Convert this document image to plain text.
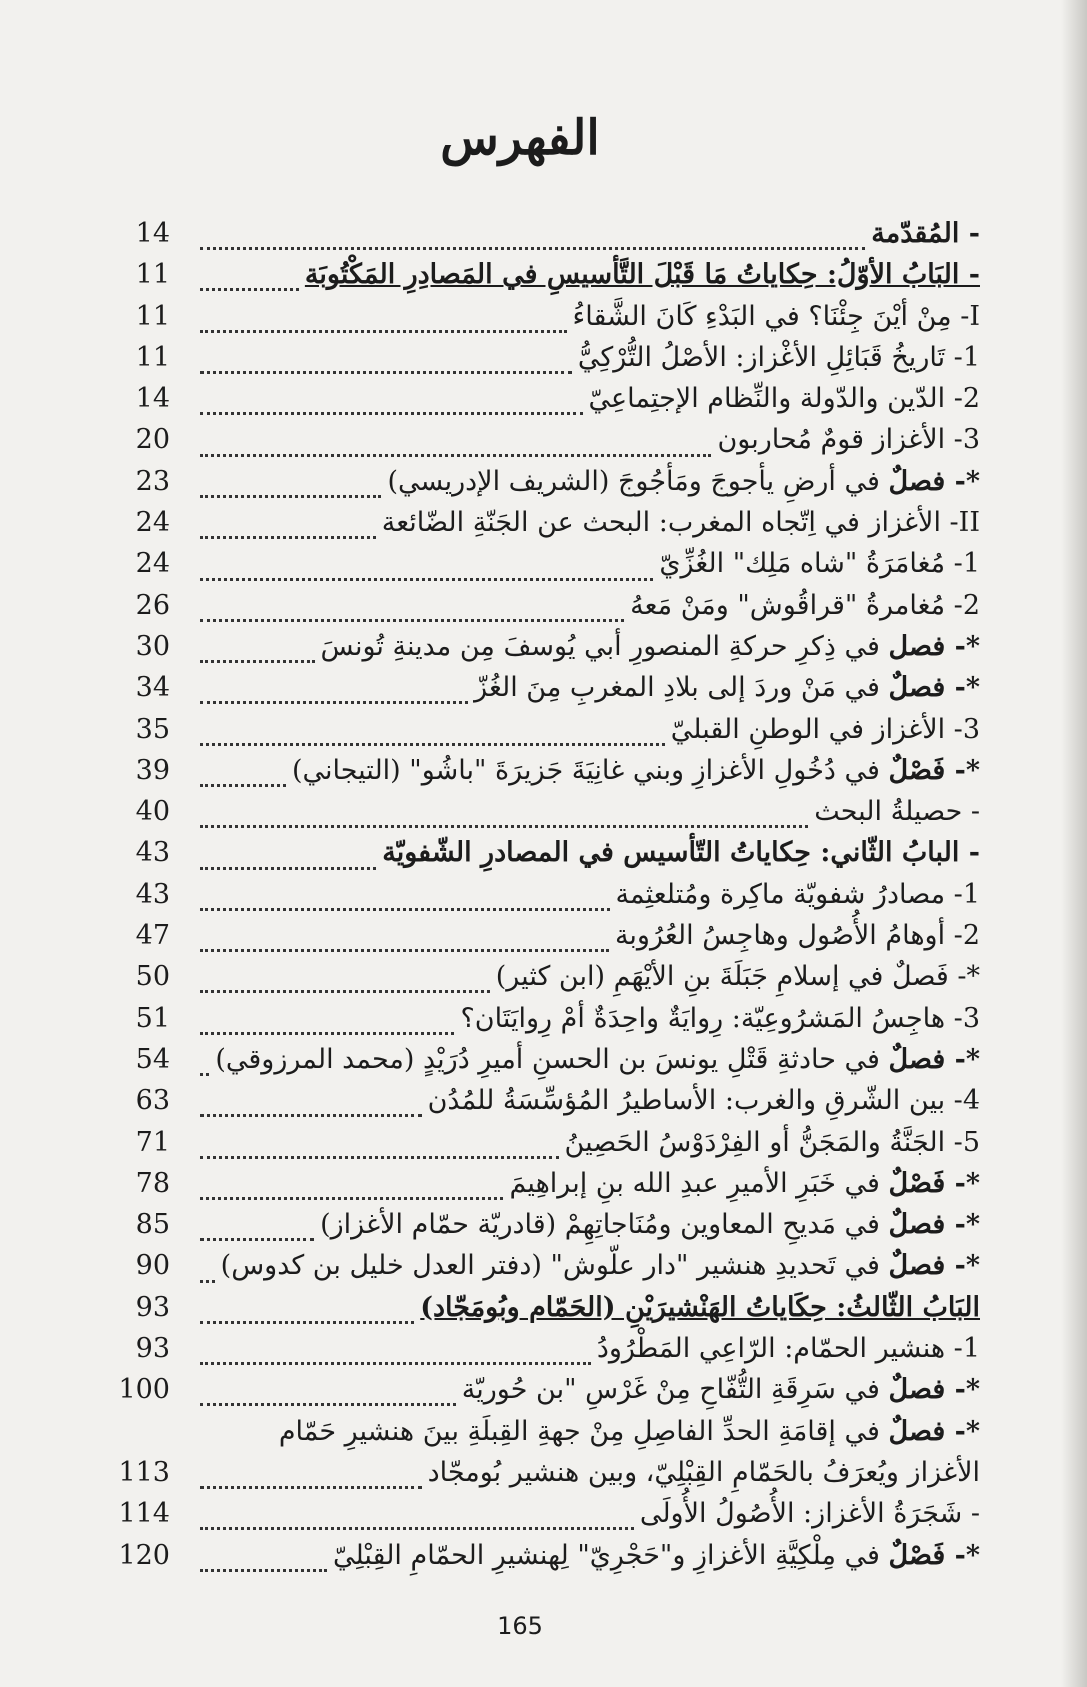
الفهرس
14	- المُقدّمة
11	- البَابُ الأوّلُ: حِكاياتُ مَا قَبْلَ التَّأسيسِ في المَصادِرِ المَكْتُوبَة
11	I- مِنْ أيْنَ جِئْنَا؟ في البَدْءِ كَانَ الشَّقاءُ
11	1- تَاريخُ قَبَائِلِ الأغْزاز: الأصْلُ التُّرْكِيُّ
14	2- الدّين والدّولة والنِّظام الإجتِماعِيّ
20	3- الأغزاز قومٌ مُحاربون
23	*- فصلٌ في أرضِ يأجوجَ ومَأجُوجَ (الشريف الإدريسي)
24	II- الأغزاز في اِتّجاه المغرب: البحث عن الجَنّةِ الضّائعة
24	1- مُغامَرَةُ "شاه مَلِك" الغُزِّيّ
26	2- مُغامرةُ "قراقُوش" ومَنْ مَعهُ
30	*- فصل في ذِكرِ حركةِ المنصورِ أبي يُوسفَ مِن مدينةِ تُونسَ
34	*- فصلٌ في مَنْ وردَ إلى بلادِ المغربِ مِنَ الغُزّ
35	3- الأغزاز في الوطنِ القبليّ
39	*- فَصْلٌ في دُخُولِ الأغزازِ وبني غانِيَةَ جَزيرَةَ "باشُو" (التيجاني)
40	- حصيلةُ البحث
43	- البابُ الثّاني: حِكاياتُ التّأسيس في المصادرِ الشّفويّة
43	1- مصادرُ شفويّة ماكِرة ومُتلعثِمة
47	2- أوهامُ الأُصُول وهاجِسُ العُرُوبة
50	*- فَصلٌ في إسلامِ جَبَلَةَ بنِ الأيْهَمِ (ابن كثير)
51	3- هاجِسُ المَشرُوعِيّة: رِوايَةٌ واحِدَةٌ أمْ رِوايَتَان؟
54	*- فصلٌ في حادثةِ قَتْلِ يونسَ بن الحسنِ أميرِ دُرَيْدٍ (محمد المرزوقي)
63	4- بين الشّرقِ والغرب: الأساطيرُ المُؤسِّسَةُ للمُدُن
71	5- الجَنَّةُ والمَجَنُّ أو الفِرْدَوْسُ الحَصِينُ
78	*- فَصْلٌ في خَبَرِ الأميرِ عبدِ الله بنِ إبراهِيمَ
85	*- فصلٌ في مَديحِ المعاوين ومُنَاجاتِهِمْ (قادريّة حمّام الأغزاز)
90	*- فصلٌ في تَحديدِ هنشير "دار علّوش" (دفتر العدل خليل بن كدوس)
93	البَابُ الثّالثُ: حِكَاياتُ الهَنْشيرَيْنِ (الحَمّام وبُومَجّاد)
93	1- هنشير الحمّام: الرّاعِي المَطْرُودُ
100	*- فصلٌ في سَرِقَةِ التُّفّاحِ مِنْ غَرْسِ "بن حُوريّة
*- فصلٌ في إقامَةِ الحدِّ الفاصِلِ مِنْ جهةِ القِبلَةِ بينَ هنشيرِ حَمّام
113	الأغزاز ويُعرَفُ بالحَمّامِ القِبْلِيّ، وبين هنشير بُومجّاد
114	- شَجَرَةُ الأغزاز: الأُصُولُ الأُولَى
120	*- فَصْلٌ في مِلْكِيَّةِ الأغزازِ و"حَجْرِيّ" لِهنشيرِ الحمّامِ القِبْلِيّ
165
